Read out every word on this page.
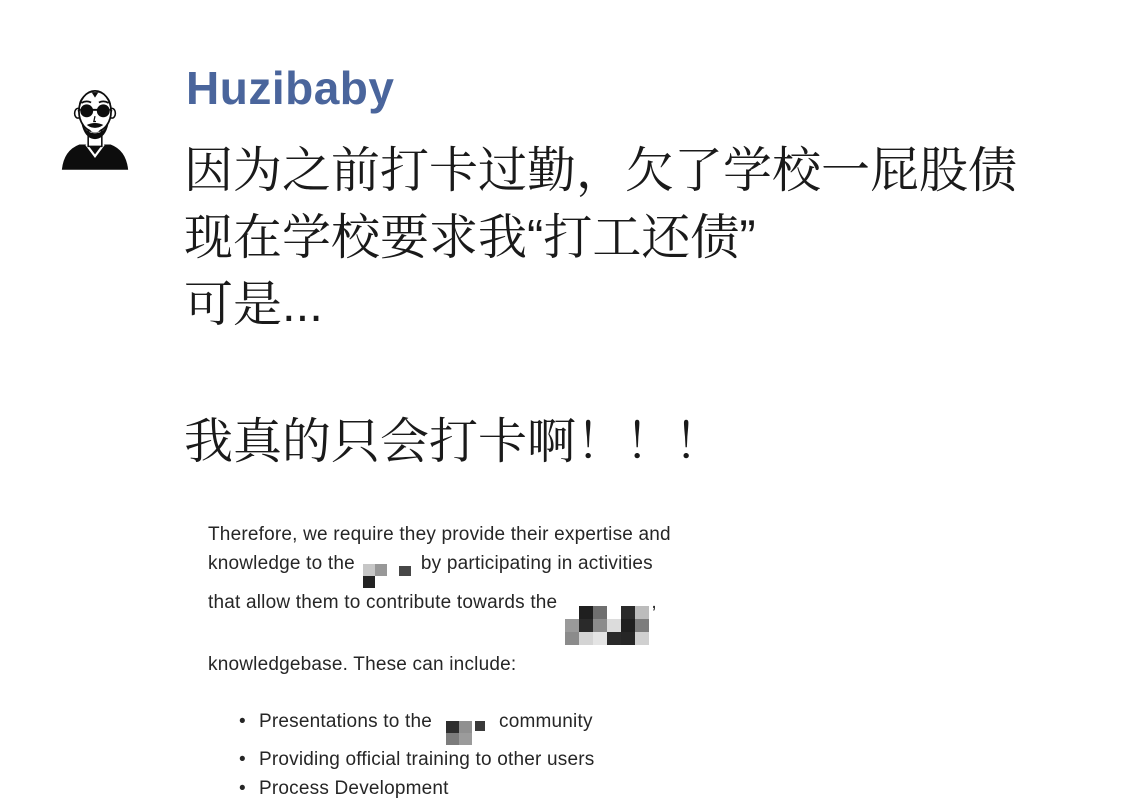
Huzibaby
因为之前打卡过勤，欠了学校一屁股债
现在学校要求我“打工还债”
可是...
我真的只会打卡啊！！！
Therefore, we require they provide their expertise and
knowledge to the	by participating in activities
that allow them to contribute towards the	,
knowledgebase. These can include:
• Presentations to the	community
• Providing official training to other users
• Process Development
